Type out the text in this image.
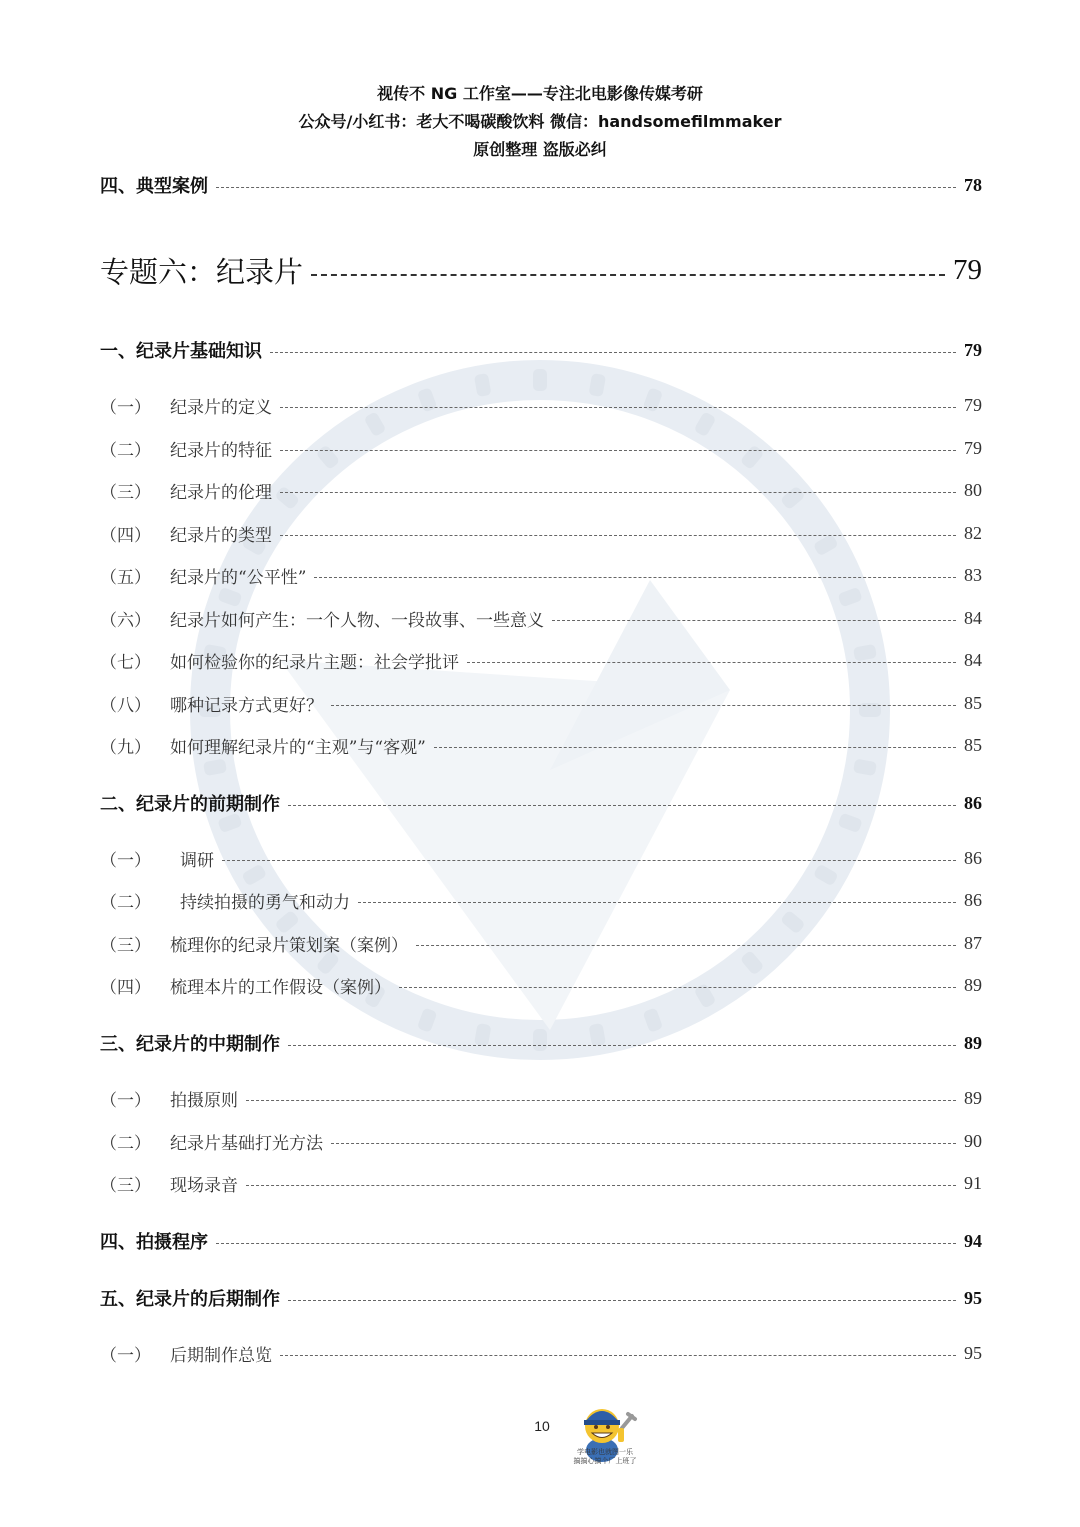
视传不 NG 工作室——专注北电影像传媒考研
公众号/小红书：老大不喝碳酸饮料 微信：handsomefilmmaker
原创整理 盗版必纠
四、典型案例	78
专题六：纪录片	79
一、纪录片基础知识	79
（一） 纪录片的定义	79
（二） 纪录片的特征	79
（三） 纪录片的伦理	80
（四） 纪录片的类型	82
（五） 纪录片的“公平性”	83
（六） 纪录片如何产生：一个人物、一段故事、一些意义	84
（七） 如何检验你的纪录片主题：社会学批评	84
（八） 哪种记录方式更好？	85
（九） 如何理解纪录片的“主观”与“客观”	85
二、纪录片的前期制作	86
（一） 调研	86
（二） 持续拍摄的勇气和动力	86
（三） 梳理你的纪录片策划案（案例）	87
（四） 梳理本片的工作假设（案例）	89
三、纪录片的中期制作	89
（一） 拍摄原则	89
（二） 纪录片基础打光方法	90
（三） 现场录音	91
四、拍摄程序	94
五、纪录片的后期制作	95
（一） 后期制作总览	95
10
学电影也就图一乐
搞搞心搞个厂上班了
